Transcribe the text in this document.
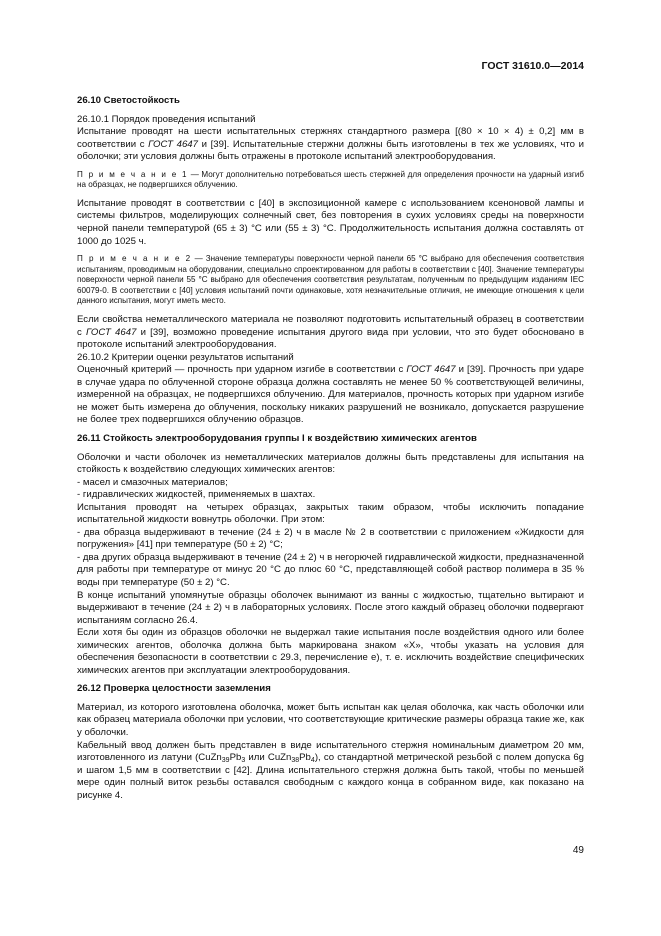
ГОСТ 31610.0—2014
26.10 Светостойкость

26.10.1 Порядок проведения испытаний

Испытание проводят на шести испытательных стержнях стандартного размера [(80 × 10 × 4) ± 0,2] мм в соответствии с ГОСТ 4647 и [39]. Испытательные стержни должны быть изготовлены в тех же условиях, что и оболочки; эти условия должны быть отражены в протоколе испытаний электрооборудования.

П р и м е ч а н и е 1 — Могут дополнительно потребоваться шесть стержней для определения прочности на ударный изгиб на образцах, не подвергшихся облучению.

Испытание проводят в соответствии с [40] в экспозиционной камере с использованием ксеноновой лампы и системы фильтров, моделирующих солнечный свет, без повторения в сухих условиях среды на поверхности черной панели температурой (65 ± 3) °С или (55 ± 3) °С. Продолжительность испытания должна составлять от 1000 до 1025 ч.

П р и м е ч а н и е 2 — Значение температуры поверхности черной панели 65 °С выбрано для обеспечения соответствия испытаниям, проводимым на оборудовании, специально спроектированном для работы в соответствии с [40]. Значение температуры поверхности черной панели 55 °С выбрано для обеспечения соответствия результатам, полученным по предыдущим изданиям IEC 60079-0. В соответствии с [40] условия испытаний почти одинаковые, хотя незначительные отличия, не имеющие отношения к цели данного испытания, могут иметь место.

Если свойства неметаллического материала не позволяют подготовить испытательный образец в соответствии с ГОСТ 4647 и [39], возможно проведение испытания другого вида при условии, что это будет обосновано в протоколе испытаний электрооборудования.

26.10.2 Критерии оценки результатов испытаний

Оценочный критерий — прочность при ударном изгибе в соответствии с ГОСТ 4647 и [39]. Прочность при ударе в случае удара по облученной стороне образца должна составлять не менее 50 % соответствующей величины, измеренной на образцах, не подвергшихся облучению. Для материалов, прочность которых при ударном изгибе не может быть измерена до облучения, поскольку никаких разрушений не возникало, допускается разрушение не более трех подвергшихся облучению образцов.

26.11 Стойкость электрооборудования группы I к воздействию химических агентов

Оболочки и части оболочек из неметаллических материалов должны быть представлены для испытания на стойкость к воздействию следующих химических агентов:

- масел и смазочных материалов;

- гидравлических жидкостей, применяемых в шахтах.

Испытания проводят на четырех образцах, закрытых таким образом, чтобы исключить попадание испытательной жидкости вовнутрь оболочки. При этом:

- два образца выдерживают в течение (24 ± 2) ч в масле № 2 в соответствии с приложением «Жидкости для погружения» [41] при температуре (50 ± 2) °С;

- два других образца выдерживают в течение (24 ± 2) ч в негорючей гидравлической жидкости, предназначенной для работы при температуре от минус 20 °С до плюс 60 °С, представляющей собой раствор полимера в 35 % воды при температуре (50 ± 2) °С.

В конце испытаний упомянутые образцы оболочек вынимают из ванны с жидкостью, тщательно вытирают и выдерживают в течение (24 ± 2) ч в лабораторных условиях. После этого каждый образец оболочки подвергают испытаниям согласно 26.4.

Если хотя бы один из образцов оболочки не выдержал такие испытания после воздействия одного или более химических агентов, оболочка должна быть маркирована знаком «X», чтобы указать на условия для обеспечения безопасности в соответствии с 29.3, перечисление е), т. е. исключить воздействие специфических химических агентов при эксплуатации электрооборудования.

26.12 Проверка целостности заземления

Материал, из которого изготовлена оболочка, может быть испытан как целая оболочка, как часть оболочки или как образец материала оболочки при условии, что соответствующие критические размеры образца такие же, как у оболочки.

Кабельный ввод должен быть представлен в виде испытательного стержня номинальным диаметром 20 мм, изготовленного из латуни ($CuZn_{39}Pb_3$ или $CuZn_{38}Pb_4$), со стандартной метрической резьбой с полем допуска 6g и шагом 1,5 мм в соответствии с [42]. Длина испытательного стержня должна быть такой, чтобы по меньшей мере один полный виток резьбы оставался свободным с каждого конца в собранном виде, как показано на рисунке 4.

49
